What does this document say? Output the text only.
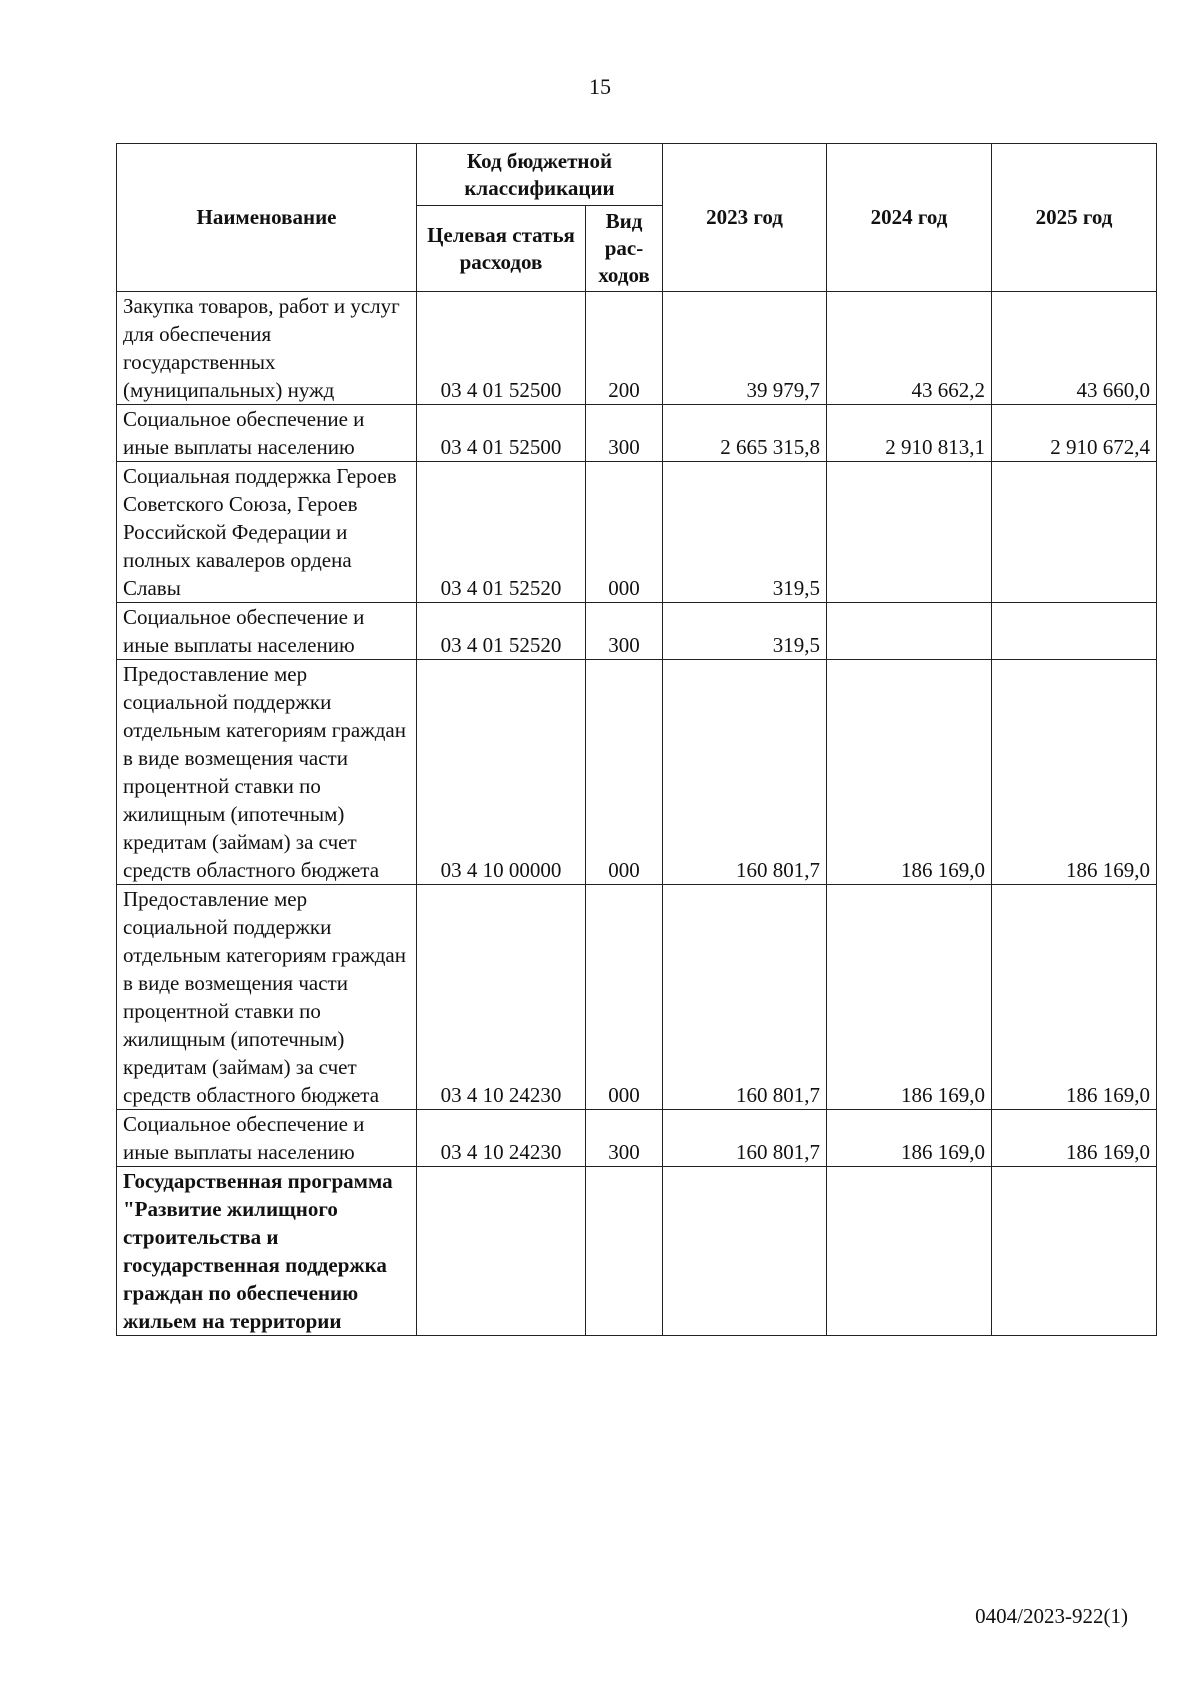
15
Наименование	Код бюджетной классификации		2023 год	2024 год	2025 год
	Целевая статья расходов	Вид рас- ходов			
Закупка товаров, работ и услуг для обеспечения государственных (муниципальных) нужд	03 4 01 52500	200	39 979,7	43 662,2	43 660,0
Социальное обеспечение и иные выплаты населению	03 4 01 52500	300	2 665 315,8	2 910 813,1	2 910 672,4
Социальная поддержка Героев Советского Союза, Героев Российской Федерации и полных кавалеров ордена Славы	03 4 01 52520	000	319,5		
Социальное обеспечение и иные выплаты населению	03 4 01 52520	300	319,5		
Предоставление мер социальной поддержки отдельным категориям граждан в виде возмещения части процентной ставки по жилищным (ипотечным) кредитам (займам) за счет средств областного бюджета	03 4 10 00000	000	160 801,7	186 169,0	186 169,0
Предоставление мер социальной поддержки отдельным категориям граждан в виде возмещения части процентной ставки по жилищным (ипотечным) кредитам (займам) за счет средств областного бюджета	03 4 10 24230	000	160 801,7	186 169,0	186 169,0
Социальное обеспечение и иные выплаты населению	03 4 10 24230	300	160 801,7	186 169,0	186 169,0
Государственная программа "Развитие жилищного строительства и государственная поддержка граждан по обеспечению жильем на территории					
0404/2023-922(1)
